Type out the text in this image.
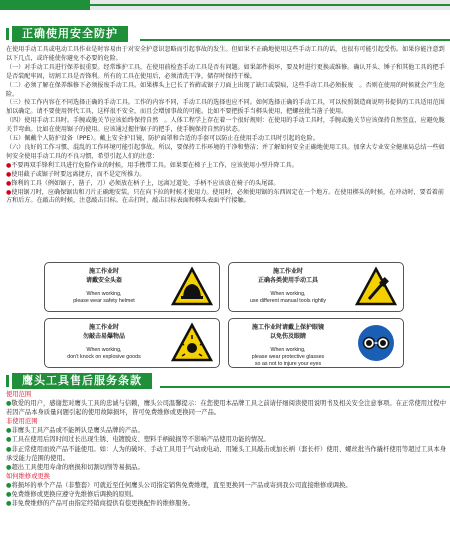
正确使用安全防护

在使用手动工具或电动工具作业是时容易由于对安全护意识忽略而引起事故的发生。但如果不正确地使用这些手动工具的话，也很有可能引起受伤。如果你能注意到以下几点，或许能使你避免不必要的危险。

（一）对手动工具进行保养很重要。经常维护工具，在使用前检查手动工具是否有问题。如果部件损坏，要及时进行更换或维修。确认开头、锤子和其他工具的把手是否装配牢固，切割工具是否锋利。所有的工具在使用后，必须清洗干净，储存时保持干燥。

（二）必须了解在保养维修下必须报废手动工具。如果梆头上已长了苔藓或锯子刀面上出现了缺口或裂痕，这些手动工具必须报废　。否则在使用的时候就会产生危险。

（三）按工作内容在不同选择正确的手动工具。工作的内容不同，手动工具的选择也应不同。如何选择正确的手动工具，可以按照制造商说明书提供的工具适用范围加以确定。请不要使用替代工具，这样很不安全，而且会增加事故的可能。比如不要把扳手当梆头使用，把螺丝批当凿子使用。

（四）使用手动工具时。手腕或脆关节应该始终保持自然　。人体工程学上存在着一个很好规则：在使用的手动工具时，手腕或脆关节应该保持自然竖直，应避免脆关节弯曲。比如在使用锯子的使用。应该通过握住锯子的把手，使手腕保持自然的状态。

（五）佩戴个人防护设备（PPE）。戴上安全护目镜，防护面罩和合适的手套可以防止在使用手动工具时引起的危险。

（六）良好的工作习惯、混乱的工作环境可能引起事故。所以，要保持工作环境的干净和整洁；并了解如何安全正确地使用工具。加拿大专业安全健康局总结一些如何安全使用手动工具的不良习惯，希望引起人们的注意：

●不要再双手锋利工具进行危险作业的时候，用手携带工具。如果要在梯子上工作，应该使用小型升降工具。

●使用截子或锯子时要远离捷方，而不是定所推力。

●锋利的工具（例如锯子，凿子，刀）必须放在柄子上，远离过道处，手柄不应该放在椅子的头尾部。

●使用锯刀时，应确保锯齿和刀片正确地安装。只在向下拉的时候才使用力。使用时，必须使用锯的东西固定在一个地方。在使用梆头的时候，在冲动时，要看着前方和后方。在敲击的时候，注意敲击目标。在击打时，敲击目标表面和梆头表面平行接触。

施工作业时
请戴安全头盔
When working,
please wear safety helmet
施工作业时
正确各类使用手动工具
When working,
use different manual tools rightly
施工作业时
勿敲击易爆物品
When working,
don't knock on explosive goods
施工作业时请戴上保护眼镜
以免伤及眼睛
When working,
please wear protective glasses
so as not to injure your eyes
鹰头工具售后服务条款

使用范围

●敬爱的用户，感谢您对鹰头工具的忠诚与信赖，鹰头公司温馨提示：在您使用本品牌工具之前请仔细阅读使用说明书及相关安全注意事项。在正常使用过程中若因产品本身质量问题引起的使用故障损坏，皆可免费维修或更换同一产品。

非使用范围

●非鹰头工具产品或不能辨认是鹰头品牌的产品。

●工具在使用后因时间过长出现生锈、电镀脱皮、塑料手柄破损等不影响产品使用功能的情况。

●非正常使用而致产品不能使用。如：人为的破坏、手动工具用于气动或电动、用锤头工具敲击或加长柄（套长杆）使用、螺丝批当作撬杆使用等超过工具本身承受能力范围的使用。

●超出工具使用寿命的磨损和切割切削等易损品。

如何维修或更换

●将损坏的单个产品（非整套）可就近至任何鹰头公司指定销售免费维理，直至更换同一产品或寄到我公司直接维修或调换。

●免费维修或更换应遵守先维修后调换的原则。

●非免费维修的产品可由指定经销商提供有偿更换配件的维修服务。
